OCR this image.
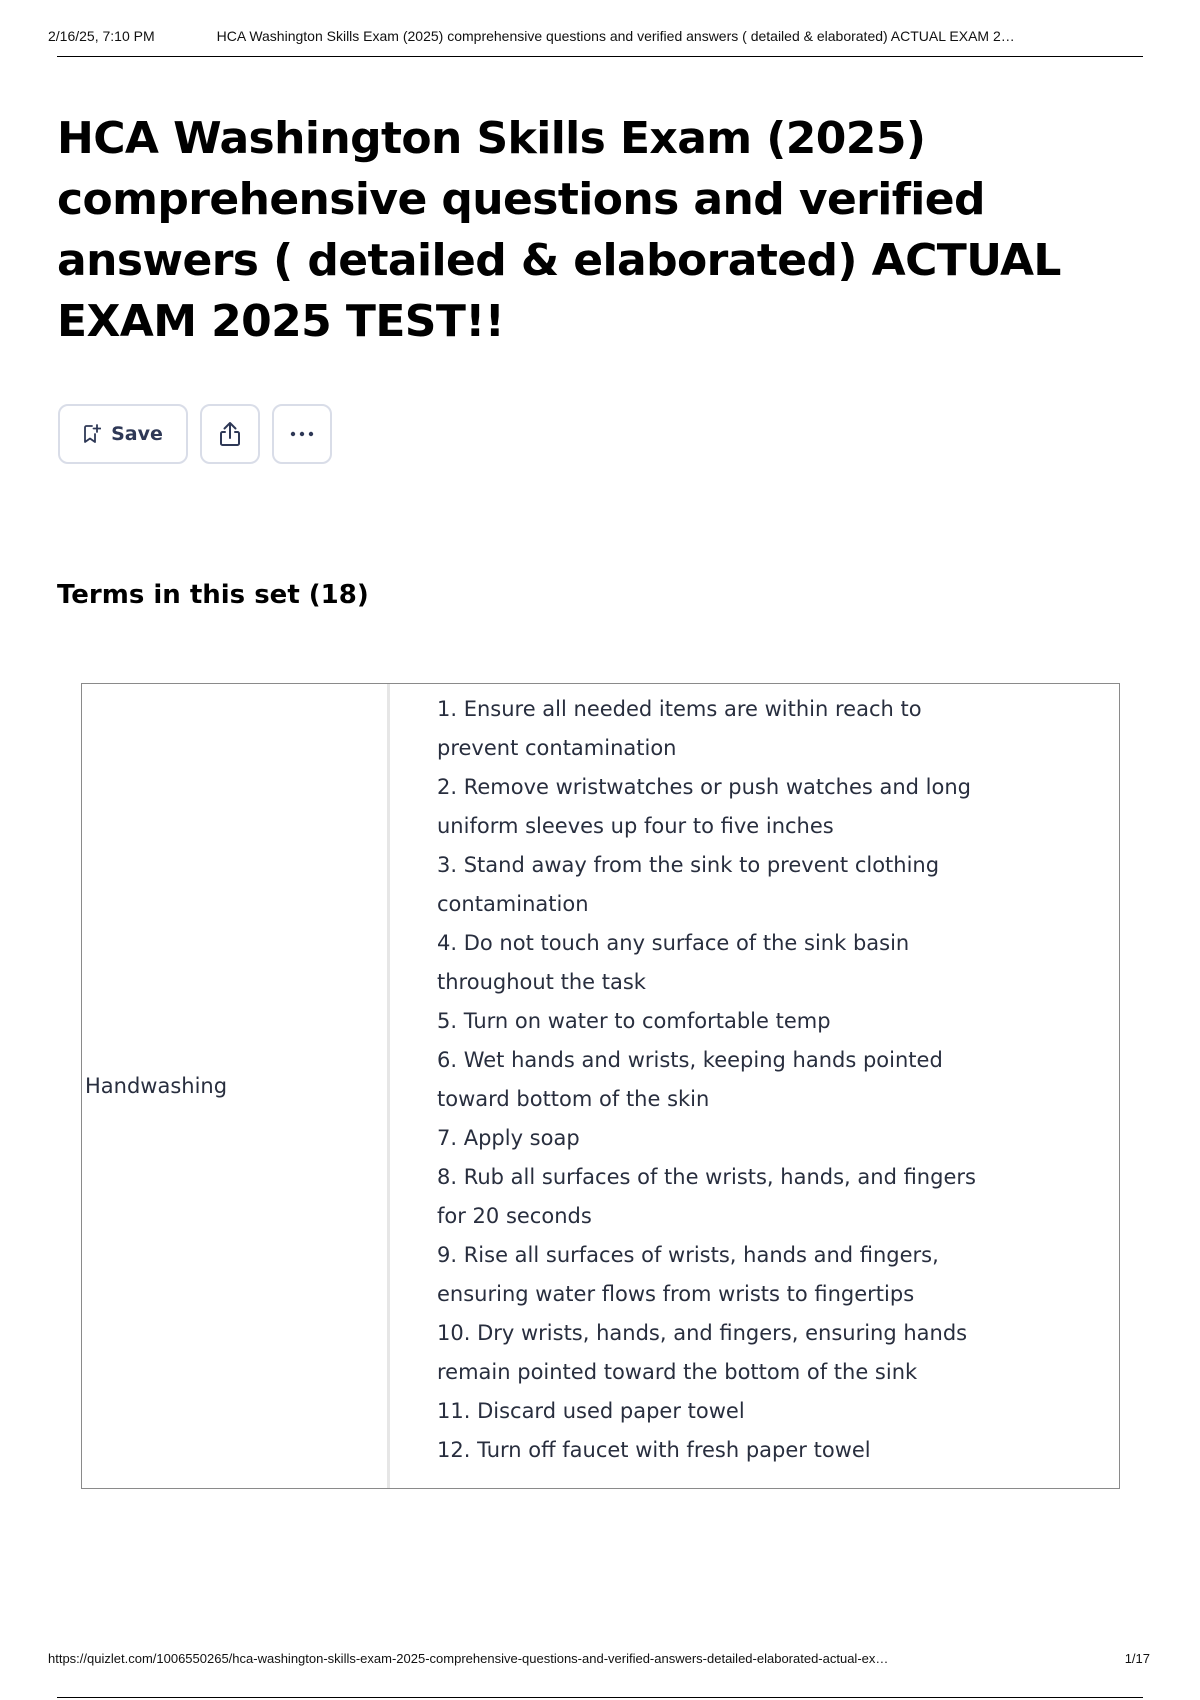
2/16/25, 7:10 PM	HCA Washington Skills Exam (2025) comprehensive questions and verified answers ( detailed & elaborated) ACTUAL EXAM 2…
HCA Washington Skills Exam (2025) comprehensive questions and verified answers ( detailed & elaborated) ACTUAL EXAM 2025 TEST!!
Save
Terms in this set (18)
Handwashing
1. Ensure all needed items are within reach to prevent contamination
2. Remove wristwatches or push watches and long uniform sleeves up four to five inches
3. Stand away from the sink to prevent clothing contamination
4. Do not touch any surface of the sink basin throughout the task
5. Turn on water to comfortable temp
6. Wet hands and wrists, keeping hands pointed toward bottom of the skin
7. Apply soap
8. Rub all surfaces of the wrists, hands, and fingers for 20 seconds
9. Rise all surfaces of wrists, hands and fingers, ensuring water flows from wrists to fingertips
10. Dry wrists, hands, and fingers, ensuring hands remain pointed toward the bottom of the sink
11. Discard used paper towel
12. Turn off faucet with fresh paper towel
https://quizlet.com/1006550265/hca-washington-skills-exam-2025-comprehensive-questions-and-verified-answers-detailed-elaborated-actual-ex…	1/17
